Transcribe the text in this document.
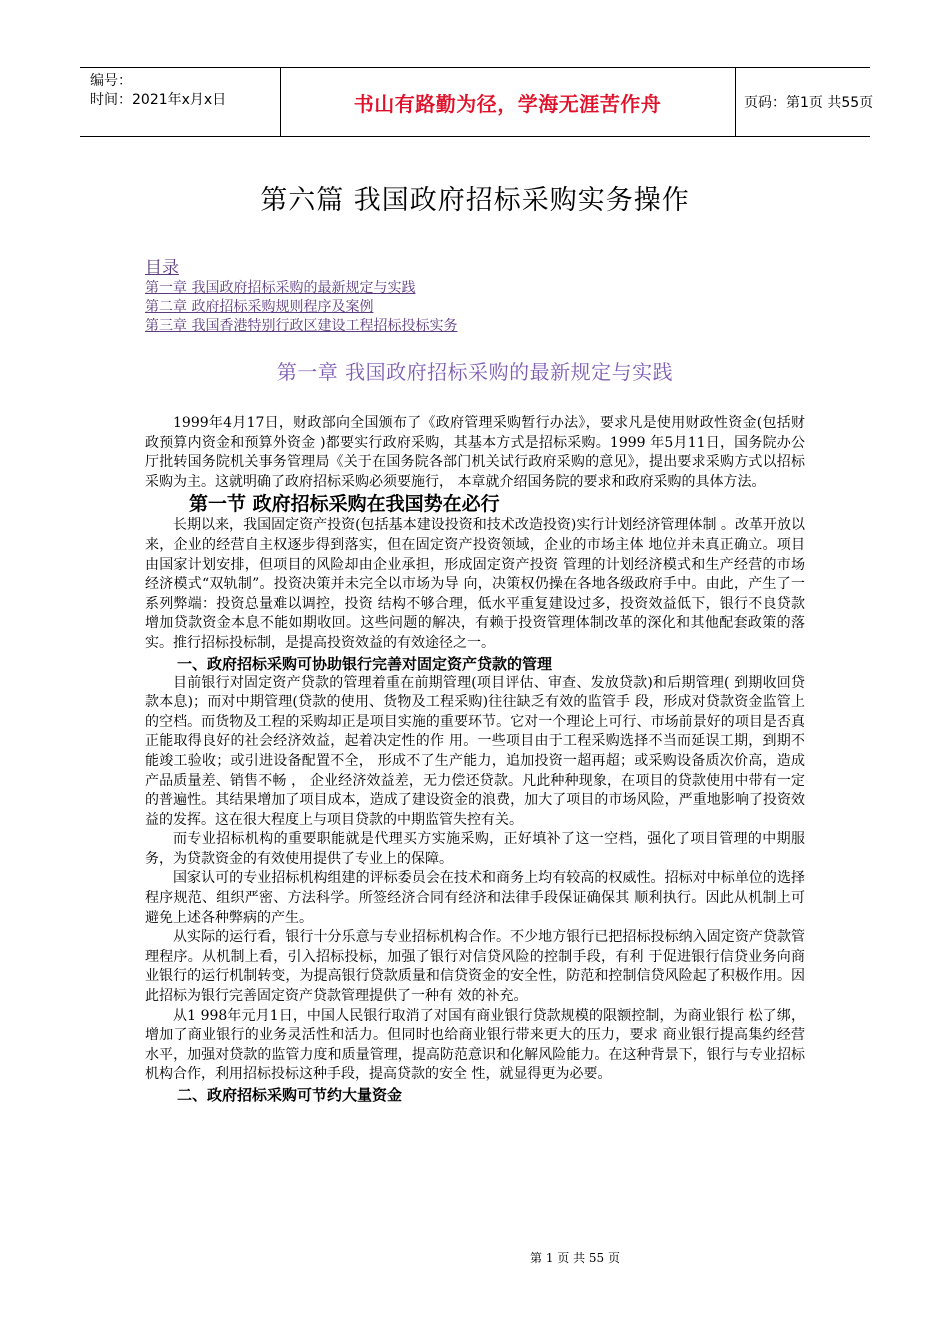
编号：
时间：2021年x月x日	书山有路勤为径，学海无涯苦作舟	页码：第1页 共55页
第六篇 我国政府招标采购实务操作
目录
第一章 我国政府招标采购的最新规定与实践
第二章 政府招标采购规则程序及案例
第三章 我国香港特别行政区建设工程招标投标实务
第一章 我国政府招标采购的最新规定与实践

1999年4月17日，财政部向全国颁布了《政府管理采购暂行办法》，要求凡是使用财政性资金(包括财政预算内资金和预算外资金 )都要实行政府采购，其基本方式是招标采购。1999 年5月11日，国务院办公厅批转国务院机关事务管理局《关于在国务院各部门机关试行政府采购的意见》，提出要求采购方式以招标采购为主。这就明确了政府招标采购必须要施行， 本章就介绍国务院的要求和政府采购的具体方法。

第一节 政府招标采购在我国势在必行

长期以来，我国固定资产投资(包括基本建设投资和技术改造投资)实行计划经济管理体制 。改革开放以来，企业的经营自主权逐步得到落实，但在固定资产投资领域，企业的市场主体 地位并未真正确立。项目由国家计划安排，但项目的风险却由企业承担，形成固定资产投资 管理的计划经济模式和生产经营的市场经济模式“双轨制”。投资决策并未完全以市场为导 向，决策权仍操在各地各级政府手中。由此，产生了一系列弊端：投资总量难以调控，投资 结构不够合理，低水平重复建设过多，投资效益低下，银行不良贷款增加贷款资金本息不能如期收回。这些问题的解决，有赖于投资管理体制改革的深化和其他配套政策的落实。推行招标投标制，是提高投资效益的有效途径之一。

一、政府招标采购可协助银行完善对固定资产贷款的管理

目前银行对固定资产贷款的管理着重在前期管理(项目评估、审查、发放贷款)和后期管理( 到期收回贷款本息)；而对中期管理(贷款的使用、货物及工程采购)往往缺乏有效的监管手 段，形成对贷款资金监管上的空档。而货物及工程的采购却正是项目实施的重要环节。它对一个理论上可行、市场前景好的项目是否真正能取得良好的社会经济效益，起着决定性的作 用。一些项目由于工程采购选择不当而延误工期，到期不能竣工验收；或引进设备配置不全， 形成不了生产能力，追加投资一超再超；或采购设备质次价高，造成产品质量差、销售不畅 ， 企业经济效益差，无力偿还贷款。凡此种种现象，在项目的贷款使用中带有一定的普遍性。其结果增加了项目成本，造成了建设资金的浪费，加大了项目的市场风险，严重地影响了投资效益的发挥。这在很大程度上与项目贷款的中期监管失控有关。

而专业招标机构的重要职能就是代理买方实施采购，正好填补了这一空档，强化了项目管理的中期服务，为贷款资金的有效使用提供了专业上的保障。

国家认可的专业招标机构组建的评标委员会在技术和商务上均有较高的权威性。招标对中标单位的选择程序规范、组织严密、方法科学。所签经济合同有经济和法律手段保证确保其 顺利执行。因此从机制上可避免上述各种弊病的产生。

从实际的运行看，银行十分乐意与专业招标机构合作。不少地方银行已把招标投标纳入固定资产贷款管理程序。从机制上看，引入招标投标，加强了银行对信贷风险的控制手段，有利 于促进银行信贷业务向商业银行的运行机制转变，为提高银行贷款质量和信贷资金的安全性，防范和控制信贷风险起了积极作用。因此招标为银行完善固定资产贷款管理提供了一种有 效的补充。

从1 998年元月1日，中国人民银行取消了对国有商业银行贷款规模的限额控制，为商业银行 松了绑，增加了商业银行的业务灵活性和活力。但同时也给商业银行带来更大的压力，要求 商业银行提高集约经营水平，加强对贷款的监管力度和质量管理，提高防范意识和化解风险能力。在这种背景下，银行与专业招标机构合作，利用招标投标这种手段，提高贷款的安全 性，就显得更为必要。

二、政府招标采购可节约大量资金
第 1 页 共 55 页
